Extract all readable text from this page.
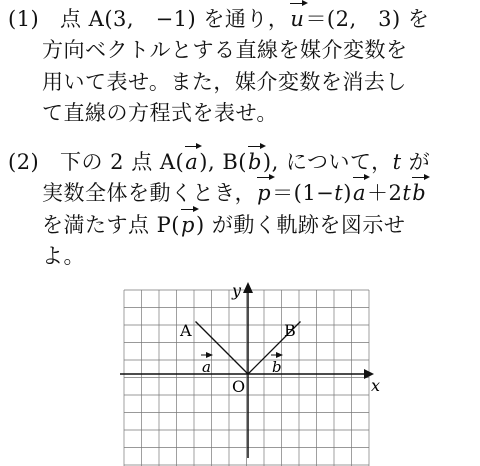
(1) 点 A(3,　−1) を通り，u＝(2,　3) を
方向ベクトルとする直線を媒介変数を
用いて表せ。また，媒介変数を消去し
て直線の方程式を表せ。
(2) 下の 2 点 A(a), B(b), について，t が
実数全体を動くとき，p＝(1−t)a＋2tb
を満たす点 P(p) が動く軌跡を図示せ
よ。
x
y
O
A	B
a	b
